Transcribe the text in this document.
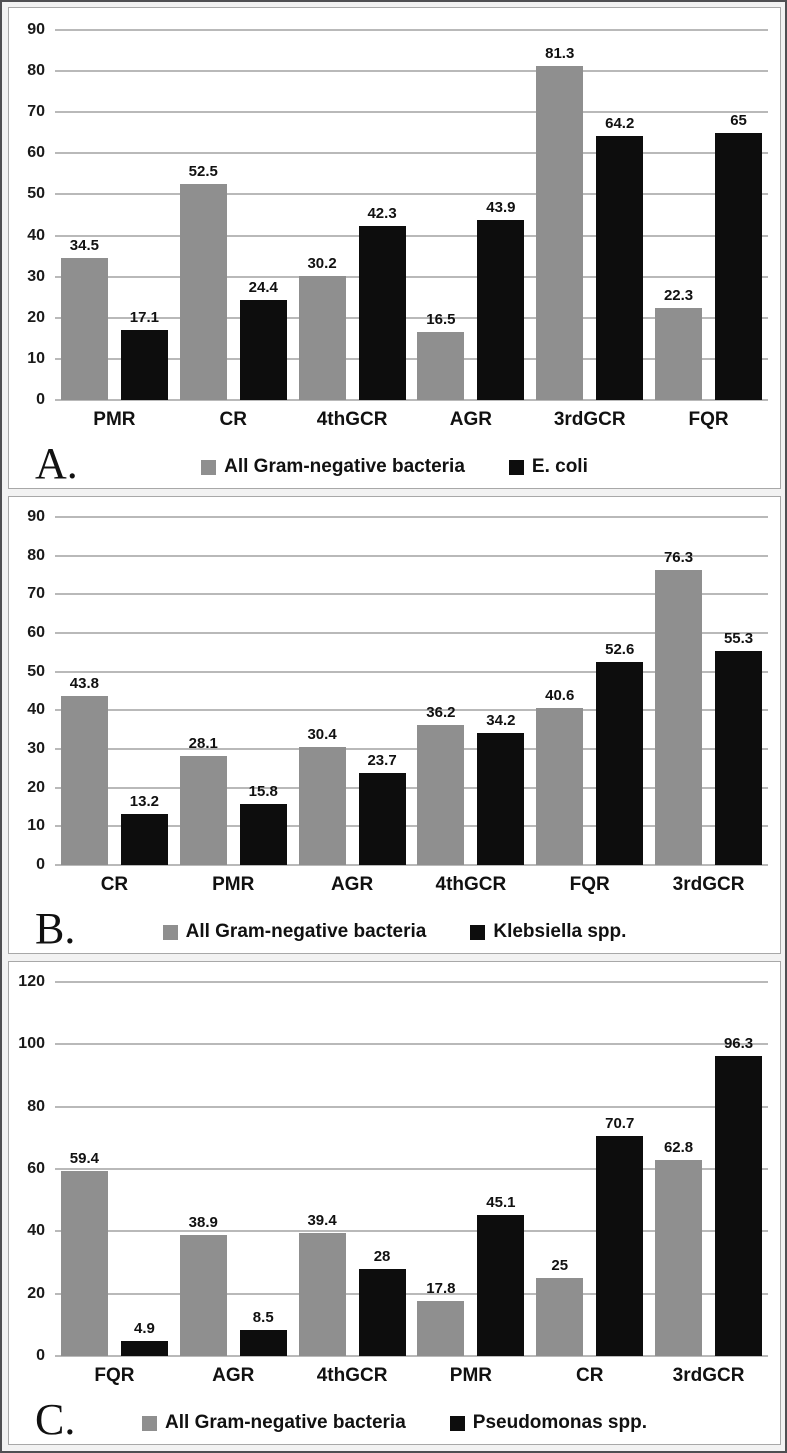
0
10
20
30
40
50
60
70
80
90
34.5
17.1
52.5
24.4
30.2
42.3
16.5
43.9
81.3
64.2
22.3
65
PMR	CR	4thGCR	AGR	3rdGCR	FQR
A.	All Gram-negative bacteria	E. coli
0
10
20
30
40
50
60
70
80
90
43.8
13.2
28.1
15.8
30.4
23.7
36.2 34.2
40.6
52.6
76.3
55.3
CR	PMR	AGR	4thGCR	FQR	3rdGCR
B.	All Gram-negative bacteria	Klebsiella spp.
0
20
40
60
80
100
120
59.4
4.9
38.9
8.5
39.4
28
17.8
45.1
25
70.7
62.8
96.3
FQR	AGR	4thGCR	PMR	CR	3rdGCR
C.	All Gram-negative bacteria	Pseudomonas spp.
